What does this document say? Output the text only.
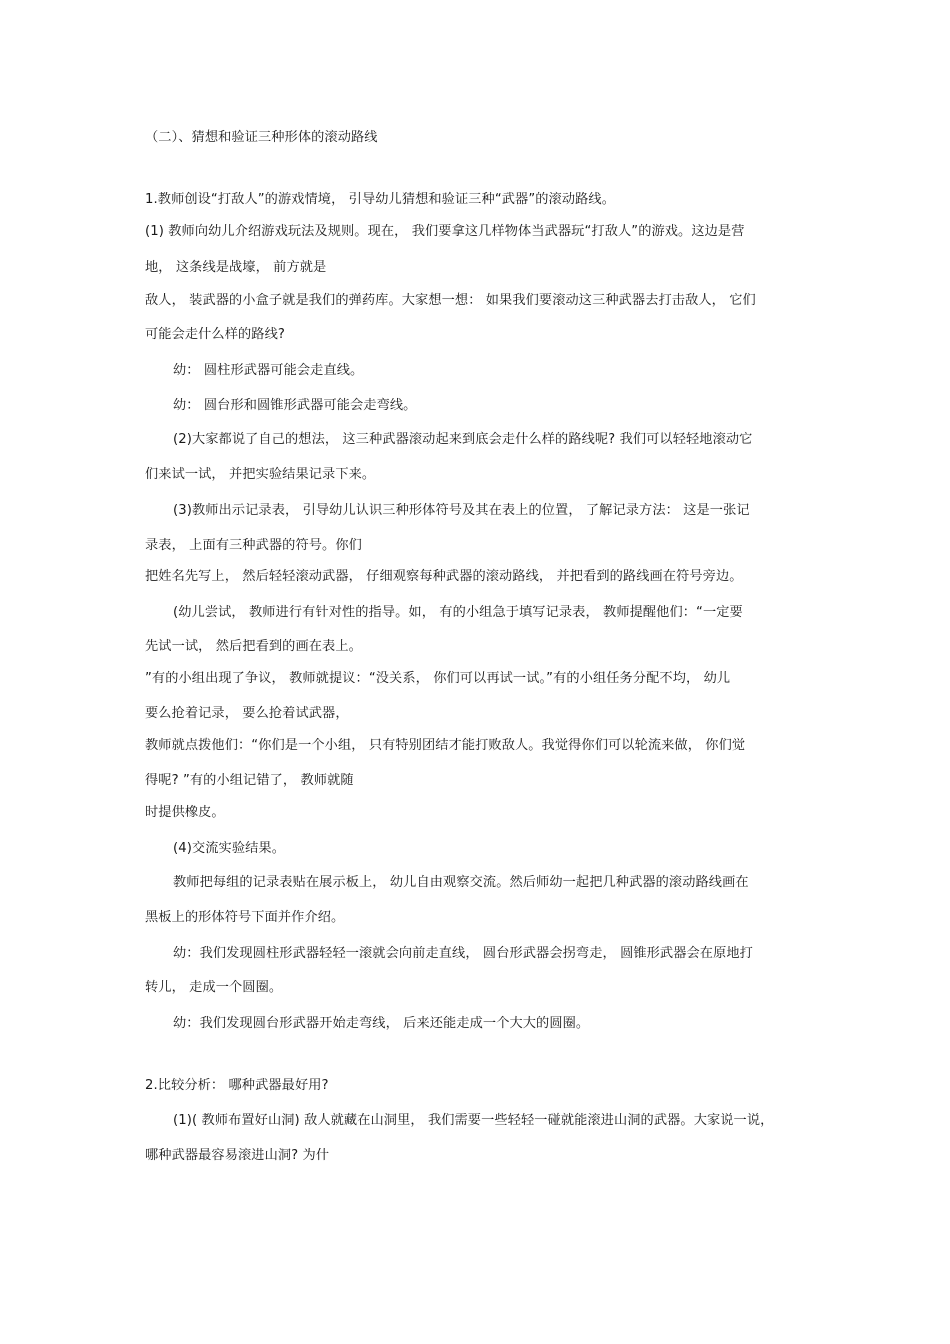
（二）、猜想和验证三种形体的滚动路线
1.教师创设“打敌人”的游戏情境， 引导幼儿猜想和验证三种“武器”的滚动路线。
(1) 教师向幼儿介绍游戏玩法及规则。现在， 我们要拿这几样物体当武器玩“打敌人”的游戏。这边是营
地， 这条线是战壕， 前方就是
敌人， 装武器的小盒子就是我们的弹药库。大家想一想： 如果我们要滚动这三种武器去打击敌人， 它们
可能会走什么样的路线?
幼： 圆柱形武器可能会走直线。
幼： 圆台形和圆锥形武器可能会走弯线。
(2)大家都说了自己的想法， 这三种武器滚动起来到底会走什么样的路线呢? 我们可以轻轻地滚动它
们来试一试， 并把实验结果记录下来。
(3)教师出示记录表， 引导幼儿认识三种形体符号及其在表上的位置， 了解记录方法： 这是一张记
录表， 上面有三种武器的符号。你们
把姓名先写上， 然后轻轻滚动武器， 仔细观察每种武器的滚动路线， 并把看到的路线画在符号旁边。
(幼儿尝试， 教师进行有针对性的指导。如， 有的小组急于填写记录表， 教师提醒他们：“一定要
先试一试， 然后把看到的画在表上。
”有的小组出现了争议， 教师就提议：“没关系， 你们可以再试一试。”有的小组任务分配不均， 幼儿
要么抢着记录， 要么抢着试武器，
教师就点拨他们：“你们是一个小组， 只有特别团结才能打败敌人。我觉得你们可以轮流来做， 你们觉
得呢? ”有的小组记错了， 教师就随
时提供橡皮。
(4)交流实验结果。
教师把每组的记录表贴在展示板上， 幼儿自由观察交流。然后师幼一起把几种武器的滚动路线画在
黑板上的形体符号下面并作介绍。
幼：我们发现圆柱形武器轻轻一滚就会向前走直线， 圆台形武器会拐弯走， 圆锥形武器会在原地打
转儿， 走成一个圆圈。
幼：我们发现圆台形武器开始走弯线， 后来还能走成一个大大的圆圈。
2.比较分析： 哪种武器最好用?
(1)( 教师布置好山洞) 敌人就藏在山洞里， 我们需要一些轻轻一碰就能滚进山洞的武器。大家说一说，
哪种武器最容易滚进山洞? 为什
